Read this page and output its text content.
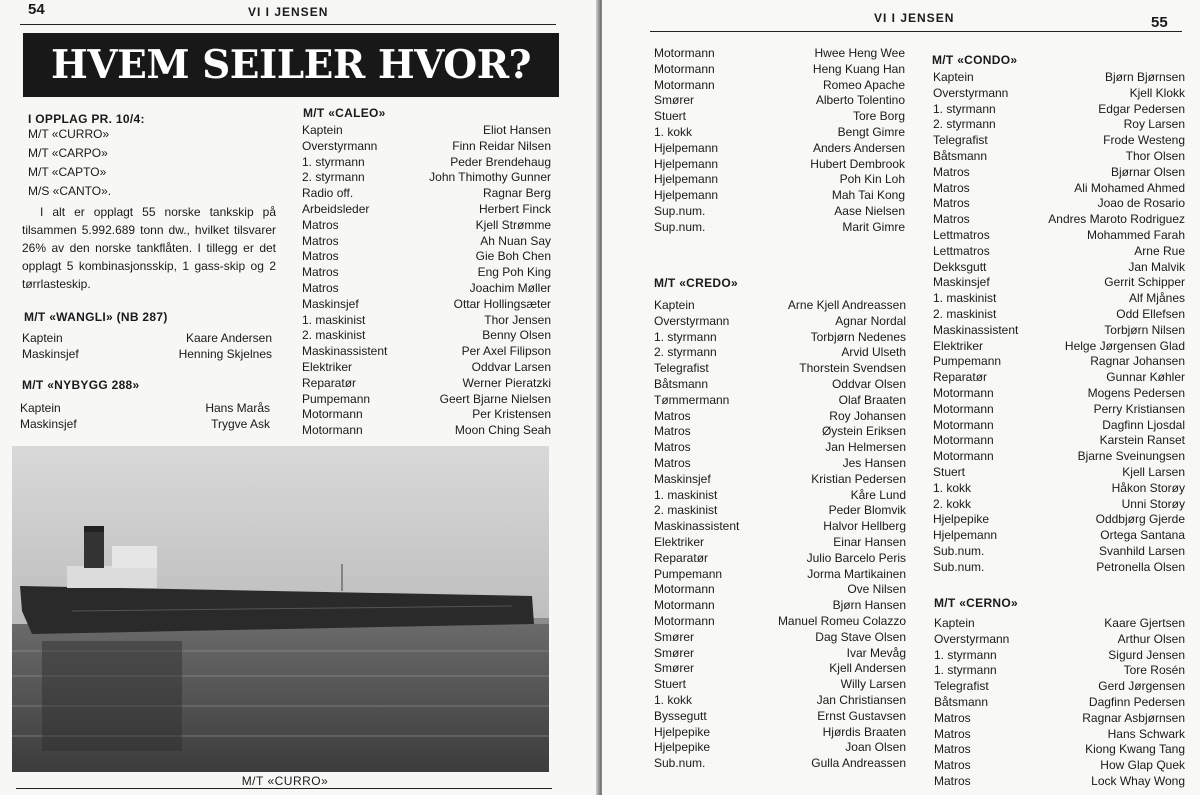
54	VI I JENSEN
HVEM SEILER HVOR?
I OPPLAG PR. 10/4:
M/T «CURRO»
M/T «CARPO»
M/T «CAPTO»
M/S «CANTO».
I alt er opplagt 55 norske tankskip på tilsammen 5.992.689 tonn dw., hvilket tilsvarer 26% av den norske tankflåten. I tillegg er det opplagt 5 kombinasjonsskip, 1 gass-skip og 2 tørrlasteskip.
M/T «WANGLI» (NB 287)
Kaptein	Kaare Andersen
Maskinsjef	Henning Skjelnes
M/T «NYBYGG 288»
Kaptein	Hans Marås
Maskinsjef	Trygve Ask
M/T «CALEO»
Kaptein	Eliot Hansen
Overstyrmann	Finn Reidar Nilsen
1. styrmann	Peder Brendehaug
2. styrmann	John Thimothy Gunner
Radio off.	Ragnar Berg
Arbeidsleder	Herbert Finck
Matros	Kjell Strømme
Matros	Ah Nuan Say
Matros	Gie Boh Chen
Matros	Eng Poh King
Matros	Joachim Møller
Maskinsjef	Ottar Hollingsæter
1. maskinist	Thor Jensen
2. maskinist	Benny Olsen
Maskinassistent	Per Axel Filipson
Elektriker	Oddvar Larsen
Reparatør	Werner Pieratzki
Pumpemann	Geert Bjarne Nielsen
Motormann	Per Kristensen
Motormann	Moon Ching Seah
M/T «CURRO»
VI I JENSEN	55
Motormann	Hwee Heng Wee
Motormann	Heng Kuang Han
Motormann	Romeo Apache
Smører	Alberto Tolentino
Stuert	Tore Borg
1. kokk	Bengt Gimre
Hjelpemann	Anders Andersen
Hjelpemann	Hubert Dembrook
Hjelpemann	Poh Kin Loh
Hjelpemann	Mah Tai Kong
Sup.num.	Aase Nielsen
Sup.num.	Marit Gimre
M/T «CREDO»
Kaptein	Arne Kjell Andreassen
Overstyrmann	Agnar Nordal
1. styrmann	Torbjørn Nedenes
2. styrmann	Arvid Ulseth
Telegrafist	Thorstein Svendsen
Båtsmann	Oddvar Olsen
Tømmermann	Olaf Braaten
Matros	Roy Johansen
Matros	Øystein Eriksen
Matros	Jan Helmersen
Matros	Jes Hansen
Maskinsjef	Kristian Pedersen
1. maskinist	Kåre Lund
2. maskinist	Peder Blomvik
Maskinassistent	Halvor Hellberg
Elektriker	Einar Hansen
Reparatør	Julio Barcelo Peris
Pumpemann	Jorma Martikainen
Motormann	Ove Nilsen
Motormann	Bjørn Hansen
Motormann	Manuel Romeu Colazzo
Smører	Dag Stave Olsen
Smører	Ivar Mevåg
Smører	Kjell Andersen
Stuert	Willy Larsen
1. kokk	Jan Christiansen
Byssegutt	Ernst Gustavsen
Hjelpepike	Hjørdis Braaten
Hjelpepike	Joan Olsen
Sub.num.	Gulla Andreassen
M/T «CONDO»
Kaptein	Bjørn Bjørnsen
Overstyrmann	Kjell Klokk
1. styrmann	Edgar Pedersen
2. styrmann	Roy Larsen
Telegrafist	Frode Westeng
Båtsmann	Thor Olsen
Matros	Bjørnar Olsen
Matros	Ali Mohamed Ahmed
Matros	Joao de Rosario
Matros	Andres Maroto Rodriguez
Lettmatros	Mohammed Farah
Lettmatros	Arne Rue
Dekksgutt	Jan Malvik
Maskinsjef	Gerrit Schipper
1. maskinist	Alf Mjånes
2. maskinist	Odd Ellefsen
Maskinassistent	Torbjørn Nilsen
Elektriker	Helge Jørgensen Glad
Pumpemann	Ragnar Johansen
Reparatør	Gunnar Køhler
Motormann	Mogens Pedersen
Motormann	Perry Kristiansen
Motormann	Dagfinn Ljosdal
Motormann	Karstein Ranset
Motormann	Bjarne Sveinungsen
Stuert	Kjell Larsen
1. kokk	Håkon Storøy
2. kokk	Unni Storøy
Hjelpepike	Oddbjørg Gjerde
Hjelpemann	Ortega Santana
Sub.num.	Svanhild Larsen
Sub.num.	Petronella Olsen
M/T «CERNO»
Kaptein	Kaare Gjertsen
Overstyrmann	Arthur Olsen
1. styrmann	Sigurd Jensen
1. styrmann	Tore Rosén
Telegrafist	Gerd Jørgensen
Båtsmann	Dagfinn Pedersen
Matros	Ragnar Asbjørnsen
Matros	Hans Schwark
Matros	Kiong Kwang Tang
Matros	How Glap Quek
Matros	Lock Whay Wong
